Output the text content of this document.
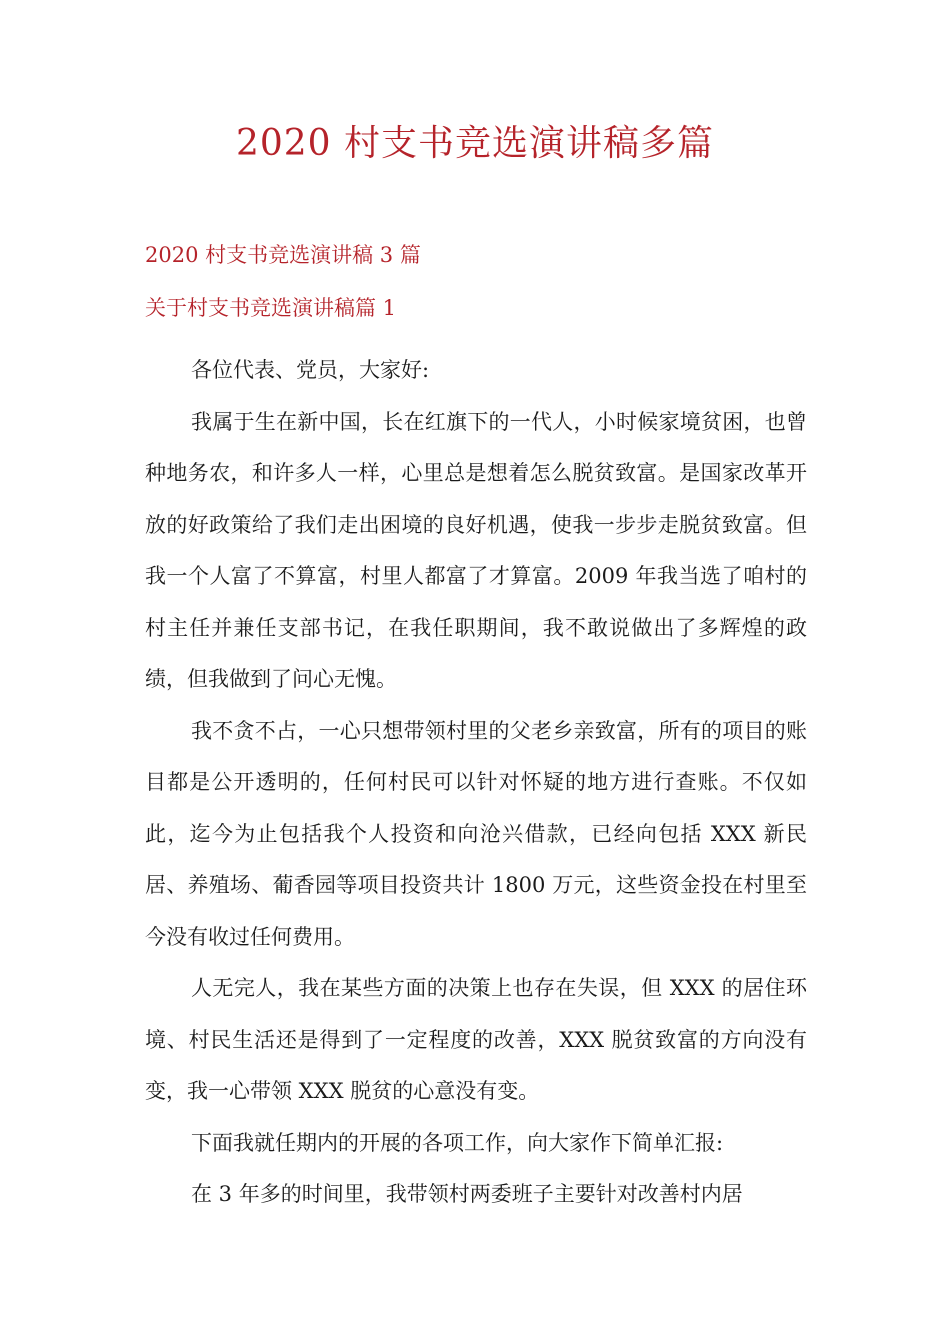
2020 村支书竞选演讲稿多篇
2020 村支书竞选演讲稿 3 篇
关于村支书竞选演讲稿篇 1

各位代表、党员，大家好:

我属于生在新中国，长在红旗下的一代人，小时候家境贫困，也曾种地务农，和许多人一样，心里总是想着怎么脱贫致富。是国家改革开放的好政策给了我们走出困境的良好机遇，使我一步步走脱贫致富。但我一个人富了不算富，村里人都富了才算富。2009 年我当选了咱村的村主任并兼任支部书记，在我任职期间，我不敢说做出了多辉煌的政绩，但我做到了问心无愧。

我不贪不占，一心只想带领村里的父老乡亲致富，所有的项目的账目都是公开透明的，任何村民可以针对怀疑的地方进行查账。不仅如此，迄今为止包括我个人投资和向沧兴借款，已经向包括 XXX 新民居、养殖场、葡香园等项目投资共计 1800 万元，这些资金投在村里至今没有收过任何费用。

人无完人，我在某些方面的决策上也存在失误，但 XXX 的居住环境、村民生活还是得到了一定程度的改善，XXX 脱贫致富的方向没有变，我一心带领 XXX 脱贫的心意没有变。

下面我就任期内的开展的各项工作，向大家作下简单汇报:

在 3 年多的时间里，我带领村两委班子主要针对改善村内居
